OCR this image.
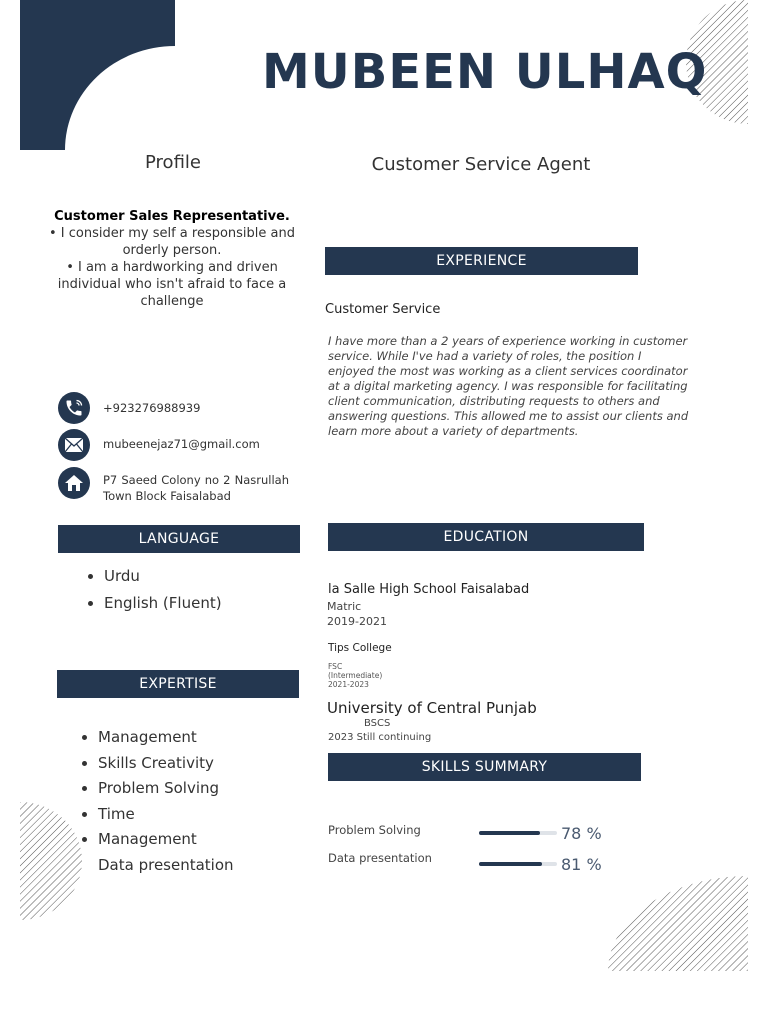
MUBEEN ULHAQ
Profile	Customer Service Agent
Customer Sales Representative.
• I consider my self a responsible and orderly person.
• I am a hardworking and driven individual who isn't afraid to face a challenge
+923276988939
mubeenejaz71@gmail.com
P7 Saeed Colony no 2 Nasrullah Town Block Faisalabad
LANGUAGE
• Urdu
• English (Fluent)
EXPERTISE
• Management
• Skills Creativity
• Problem Solving
• Time
• Management
Data presentation
EXPERIENCE
Customer Service
I have more than a 2 years of experience working in customer service. While I've had a variety of roles, the position I enjoyed the most was working as a client services coordinator at a digital marketing agency. I was responsible for facilitating client communication, distributing requests to others and answering questions. This allowed me to assist our clients and learn more about a variety of departments.
EDUCATION
la Salle High School Faisalabad
Matric
2019-2021
Tips College
FSC
(Intermediate)
2021-2023
University of Central Punjab
BSCS
2023 Still continuing
SKILLS SUMMARY
Problem Solving	78 %
Data presentation	81 %
